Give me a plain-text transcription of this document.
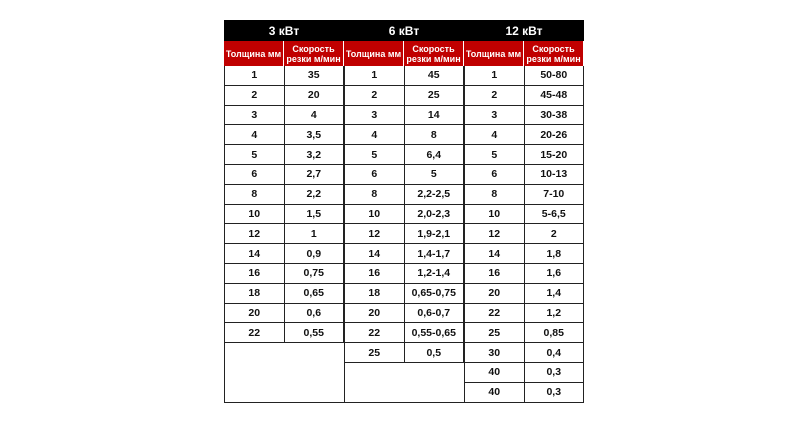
3 кВт
Толщина мм	Скорость резки м/мин
1	35
2	20
3	4
4	3,5
5	3,2
6	2,7
8	2,2
10	1,5
12	1
14	0,9
16	0,75
18	0,65
20	0,6
22	0,55
6 кВт
Толщина мм	Скорость резки м/мин
1	45
2	25
3	14
4	8
5	6,4
6	5
8	2,2-2,5
10	2,0-2,3
12	1,9-2,1
14	1,4-1,7
16	1,2-1,4
18	0,65-0,75
20	0,6-0,7
22	0,55-0,65
25	0,5
12 кВт
Толщина мм	Скорость резки м/мин
1	50-80
2	45-48
3	30-38
4	20-26
5	15-20
6	10-13
8	7-10
10	5-6,5
12	2
14	1,8
16	1,6
20	1,4
22	1,2
25	0,85
30	0,4
40	0,3
40	0,3
